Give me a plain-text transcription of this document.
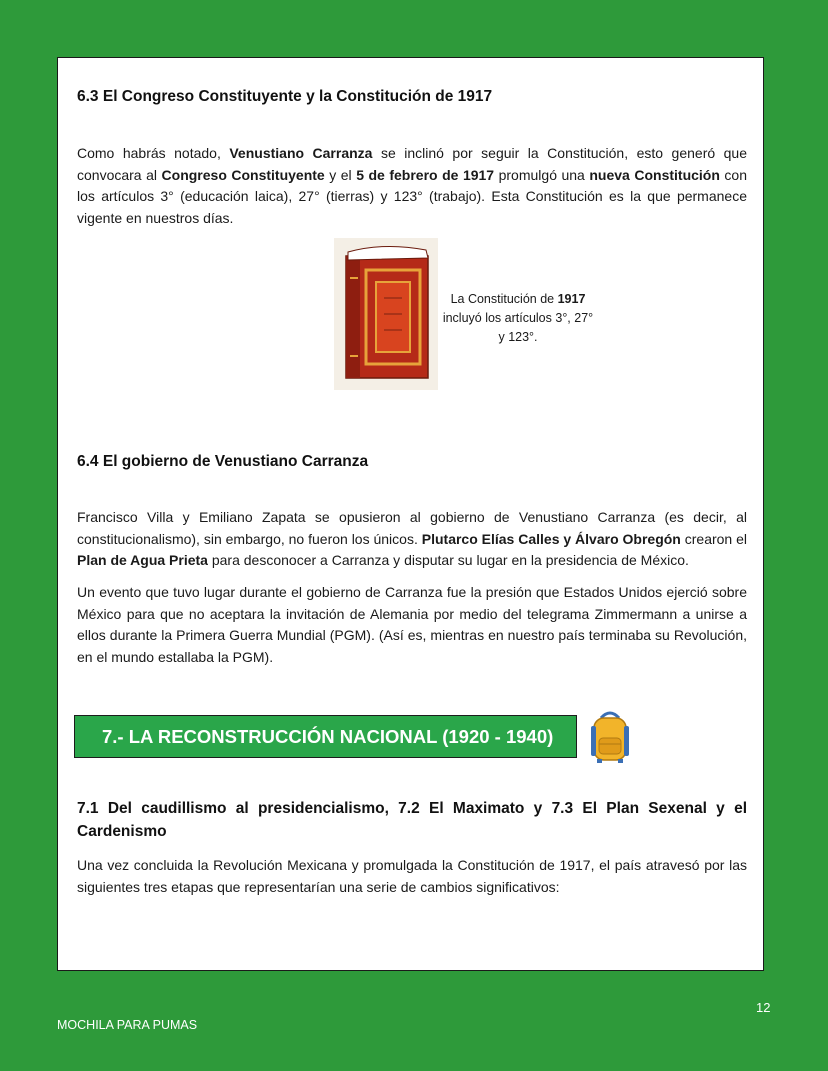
6.3 El Congreso Constituyente y la Constitución de 1917

Como habrás notado, Venustiano Carranza se inclinó por seguir la Constitución, esto generó que convocara al Congreso Constituyente y el 5 de febrero de 1917 promulgó una nueva Constitución con los artículos 3° (educación laica), 27° (tierras) y 123° (trabajo). Esta Constitución es la que permanece vigente en nuestros días.

La Constitución de 1917 incluyó los artículos 3°, 27° y 123°.
6.4 El gobierno de Venustiano Carranza

Francisco Villa y Emiliano Zapata se opusieron al gobierno de Venustiano Carranza (es decir, al constitucionalismo), sin embargo, no fueron los únicos. Plutarco Elías Calles y Álvaro Obregón crearon el Plan de Agua Prieta para desconocer a Carranza y disputar su lugar en la presidencia de México.

Un evento que tuvo lugar durante el gobierno de Carranza fue la presión que Estados Unidos ejerció sobre México para que no aceptara la invitación de Alemania por medio del telegrama Zimmermann a unirse a ellos durante la Primera Guerra Mundial (PGM). (Así es, mientras en nuestro país terminaba su Revolución, en el mundo estallaba la PGM).

7.- LA RECONSTRUCCIÓN NACIONAL (1920 - 1940)
7.1 Del caudillismo al presidencialismo, 7.2 El Maximato y 7.3 El Plan Sexenal y el Cardenismo

Una vez concluida la Revolución Mexicana y promulgada la Constitución de 1917, el país atravesó por las siguientes tres etapas que representarían una serie de cambios significativos:

12
MOCHILA PARA PUMAS
